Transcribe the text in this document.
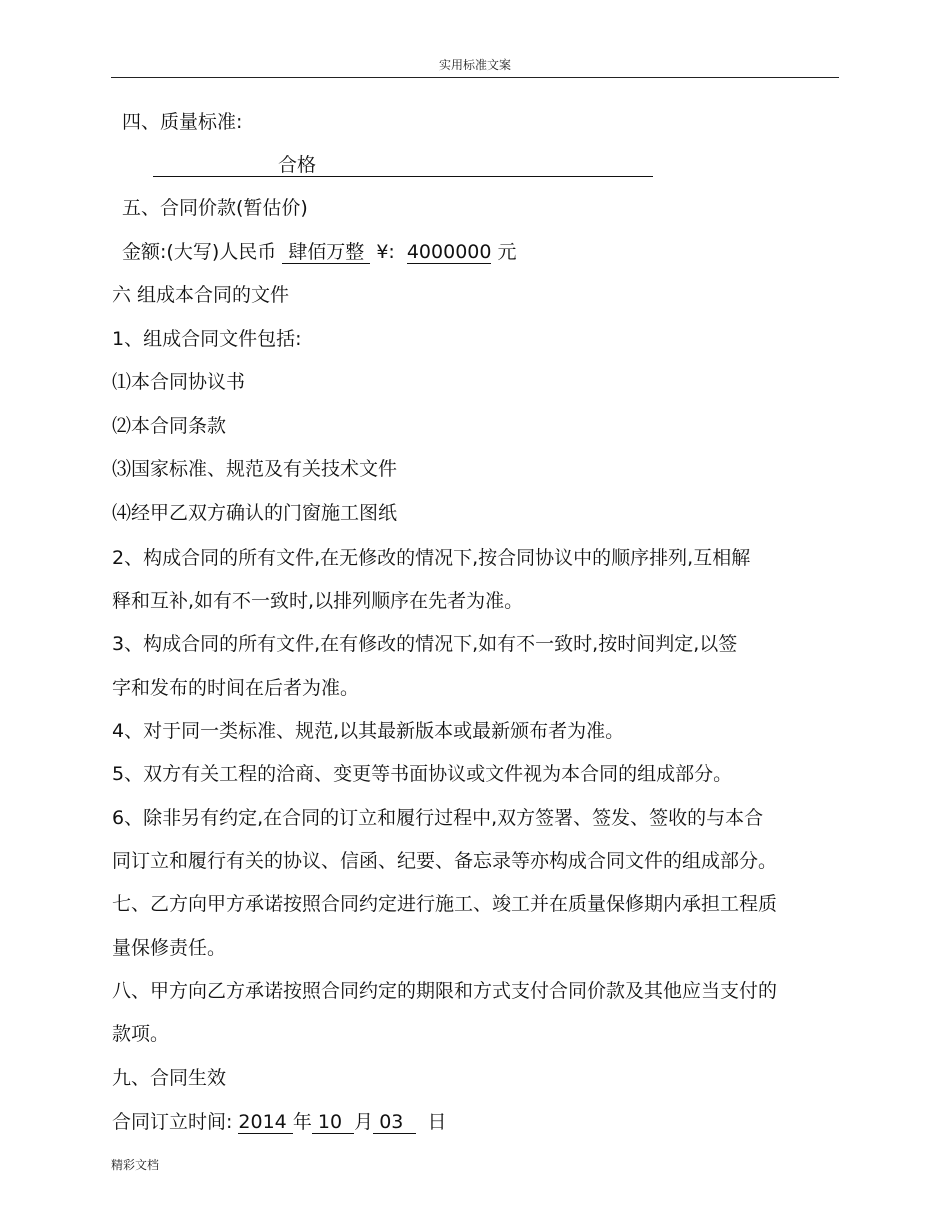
实用标准文案
四、质量标准:
合格
五、合同价款(暂估价)
金额:(大写)人民币 肆佰万整 ¥: 4000000 元
六 组成本合同的文件
1、组成合同文件包括:
⑴本合同协议书
⑵本合同条款
⑶国家标准、规范及有关技术文件
⑷经甲乙双方确认的门窗施工图纸
2、构成合同的所有文件,在无修改的情况下,按合同协议中的顺序排列,互相解
释和互补,如有不一致时,以排列顺序在先者为准。
3、构成合同的所有文件,在有修改的情况下,如有不一致时,按时间判定,以签
字和发布的时间在后者为准。
4、对于同一类标准、规范,以其最新版本或最新颁布者为准。
5、双方有关工程的洽商、变更等书面协议或文件视为本合同的组成部分。
6、除非另有约定,在合同的订立和履行过程中,双方签署、签发、签收的与本合
同订立和履行有关的协议、信函、纪要、备忘录等亦构成合同文件的组成部分。
七、乙方向甲方承诺按照合同约定进行施工、竣工并在质量保修期内承担工程质
量保修责任。
八、甲方向乙方承诺按照合同约定的期限和方式支付合同价款及其他应当支付的
款项。
九、合同生效
合同订立时间: 2014 年 10 月 03 日
精彩文档
